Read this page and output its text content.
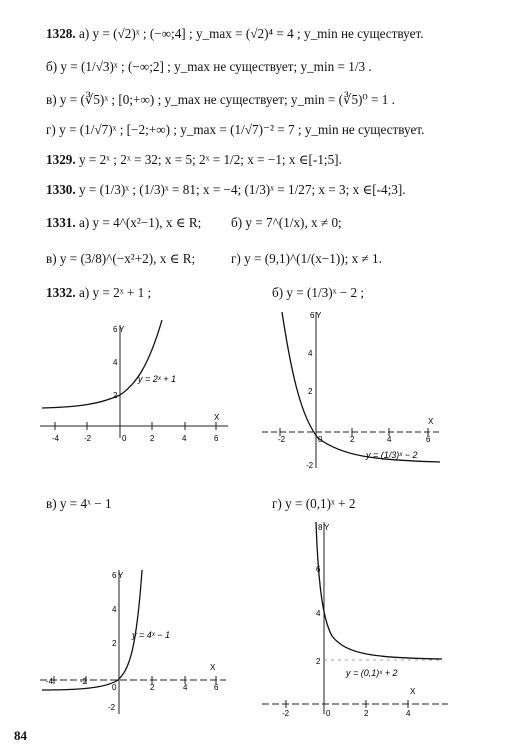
1328. а) y = (√2)ˣ ; (−∞;4] ; y_max = (√2)⁴ = 4 ; y_min не существует.
б) y = (1/√3)ˣ ; (−∞;2] ; y_max не существует; y_min = 1/3 .
в) y = (∛5)ˣ ; [0;+∞) ; y_max не существует; y_min = (∛5)⁰ = 1 .
г) y = (1/√7)ˣ ; [−2;+∞) ; y_max = (1/√7)⁻² = 7 ; y_min не существует.
1329. y = 2ˣ ; 2ˣ = 32; x = 5; 2ˣ = 1/2; x = −1; x ∈[-1;5].
1330. y = (1/3)ˣ ; (1/3)ˣ = 81; x = −4; (1/3)ˣ = 1/27; x = 3; x ∈[-4;3].
1331. а) y = 4^(x²−1), x ∈ R; б) y = 7^(1/x), x ≠ 0;
в) y = (3/8)^(−x²+2), x ∈ R;	г) y = (9,1)^(1/(x−1)); x ≠ 1.
1332. а) y = 2ˣ + 1 ;	б) y = (1/3)ˣ − 2 ;
-4	-2	0	2	4	6
X
6 Y
4
2
y = 2ˣ + 1
-2	0	2	4	6
X
6 Y
4
2
-2
y = (1/3)ˣ − 2
в) y = 4ˣ − 1	г) y = (0,1)ˣ + 2
-4	-2
0	2	4	6
X
6 Y
4
2
-2
y = 4ˣ − 1
-2	0	2	4
X
8 Y
6
4
2
y = (0,1)ˣ + 2
84
